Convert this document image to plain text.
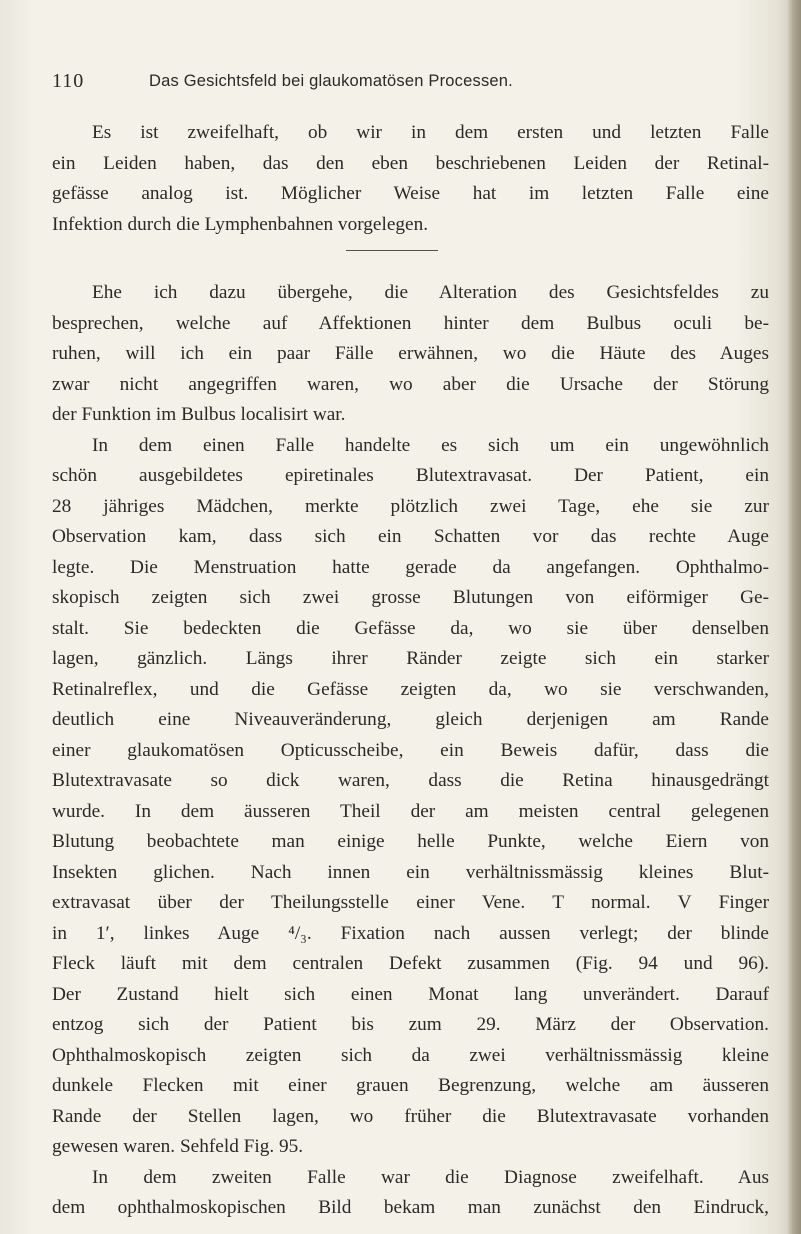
110	Das Gesichtsfeld bei glaukomatösen Processen.
Es ist zweifelhaft, ob wir in dem ersten und letzten Falle
ein Leiden haben, das den eben beschriebenen Leiden der Retinal-
gefässe analog ist. Möglicher Weise hat im letzten Falle eine
Infektion durch die Lymphenbahnen vorgelegen.
Ehe ich dazu übergehe, die Alteration des Gesichtsfeldes zu
besprechen, welche auf Affektionen hinter dem Bulbus oculi be-
ruhen, will ich ein paar Fälle erwähnen, wo die Häute des Auges
zwar nicht angegriffen waren, wo aber die Ursache der Störung
der Funktion im Bulbus localisirt war.
In dem einen Falle handelte es sich um ein ungewöhnlich
schön ausgebildetes epiretinales Blutextravasat. Der Patient, ein
28 jähriges Mädchen, merkte plötzlich zwei Tage, ehe sie zur
Observation kam, dass sich ein Schatten vor das rechte Auge
legte. Die Menstruation hatte gerade da angefangen. Ophthalmo-
skopisch zeigten sich zwei grosse Blutungen von eiförmiger Ge-
stalt. Sie bedeckten die Gefässe da, wo sie über denselben
lagen, gänzlich. Längs ihrer Ränder zeigte sich ein starker
Retinalreflex, und die Gefässe zeigten da, wo sie verschwanden,
deutlich eine Niveauveränderung, gleich derjenigen am Rande
einer glaukomatösen Opticusscheibe, ein Beweis dafür, dass die
Blutextravasate so dick waren, dass die Retina hinausgedrängt
wurde. In dem äusseren Theil der am meisten central gelegenen
Blutung beobachtete man einige helle Punkte, welche Eiern von
Insekten glichen. Nach innen ein verhältnissmässig kleines Blut-
extravasat über der Theilungsstelle einer Vene. T normal. V Finger
in 1′, linkes Auge ⁴/₃. Fixation nach aussen verlegt; der blinde
Fleck läuft mit dem centralen Defekt zusammen (Fig. 94 und 96).
Der Zustand hielt sich einen Monat lang unverändert. Darauf
entzog sich der Patient bis zum 29. März der Observation.
Ophthalmoskopisch zeigten sich da zwei verhältnissmässig kleine
dunkele Flecken mit einer grauen Begrenzung, welche am äusseren
Rande der Stellen lagen, wo früher die Blutextravasate vorhanden
gewesen waren. Sehfeld Fig. 95.
In dem zweiten Falle war die Diagnose zweifelhaft. Aus
dem ophthalmoskopischen Bild bekam man zunächst den Eindruck,
